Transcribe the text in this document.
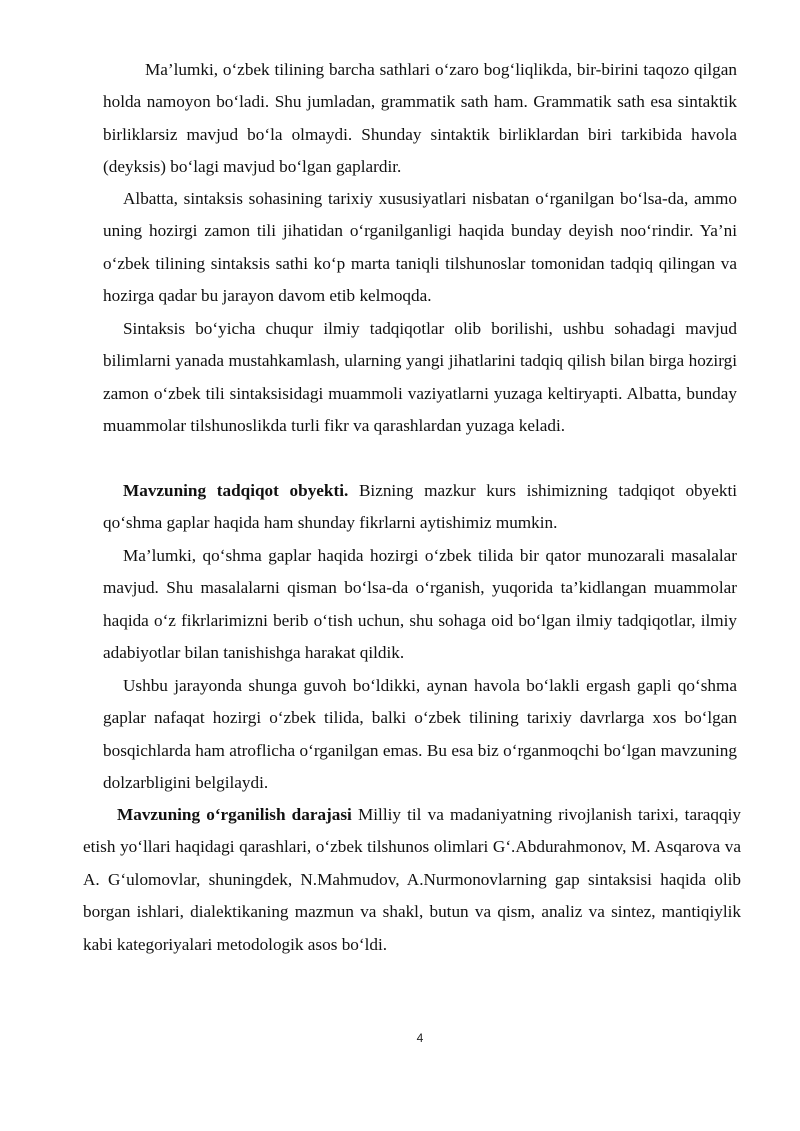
Ma’lumki, o‘zbek tilining barcha sathlari o‘zaro bog‘liqlikda, bir-birini taqozo qilgan holda namoyon bo‘ladi. Shu jumladan, grammatik sath ham. Grammatik sath esa sintaktik birliklarsiz mavjud bo‘la olmaydi. Shunday sintaktik birliklardan biri tarkibida havola (deyksis) bo‘lagi mavjud bo‘lgan gaplardir.

Albatta, sintaksis sohasining tarixiy xususiyatlari nisbatan o‘rganilgan bo‘lsa-da, ammo uning hozirgi zamon tili jihatidan o‘rganilganligi haqida bunday deyish noo‘rindir. Ya’ni o‘zbek tilining sintaksis sathi ko‘p marta taniqli tilshunoslar tomonidan tadqiq qilingan va hozirga qadar bu jarayon davom etib kelmoqda.

Sintaksis bo‘yicha chuqur ilmiy tadqiqotlar olib borilishi, ushbu sohadagi mavjud bilimlarni yanada mustahkamlash, ularning yangi jihatlarini tadqiq qilish bilan birga hozirgi zamon o‘zbek tili sintaksisidagi muammoli vaziyatlarni yuzaga keltiryapti. Albatta, bunday muammolar tilshunoslikda turli fikr va qarashlardan yuzaga keladi.

Mavzuning tadqiqot obyekti. Bizning mazkur kurs ishimizning tadqiqot obyekti qo‘shma gaplar haqida ham shunday fikrlarni aytishimiz mumkin.

Ma’lumki, qo‘shma gaplar haqida hozirgi o‘zbek tilida bir qator munozarali masalalar mavjud. Shu masalalarni qisman bo‘lsa-da o‘rganish, yuqorida ta’kidlangan muammolar haqida o‘z fikrlarimizni berib o‘tish uchun, shu sohaga oid bo‘lgan ilmiy tadqiqotlar, ilmiy adabiyotlar bilan tanishishga harakat qildik.

Ushbu jarayonda shunga guvoh bo‘ldikki, aynan havola bo‘lakli ergash gapli qo‘shma gaplar nafaqat hozirgi o‘zbek tilida, balki o‘zbek tilining tarixiy davrlarga xos bo‘lgan bosqichlarda ham atroflicha o‘rganilgan emas. Bu esa biz o‘rganmoqchi bo‘lgan mavzuning dolzarbligini belgilaydi.

Mavzuning o‘rganilish darajasi Milliy til va madaniyatning rivojlanish tarixi, taraqqiy etish yo‘llari haqidagi qarashlari, o‘zbek tilshunos olimlari G‘.Abdurahmonov, M. Asqarova va A. G‘ulomovlar, shuningdek, N.Mahmudov, A.Nurmonovlarning gap sintaksisi haqida olib borgan ishlari, dialektikaning mazmun va shakl, butun va qism, analiz va sintez, mantiqiylik kabi kategoriyalari metodologik asos bo‘ldi.

4
